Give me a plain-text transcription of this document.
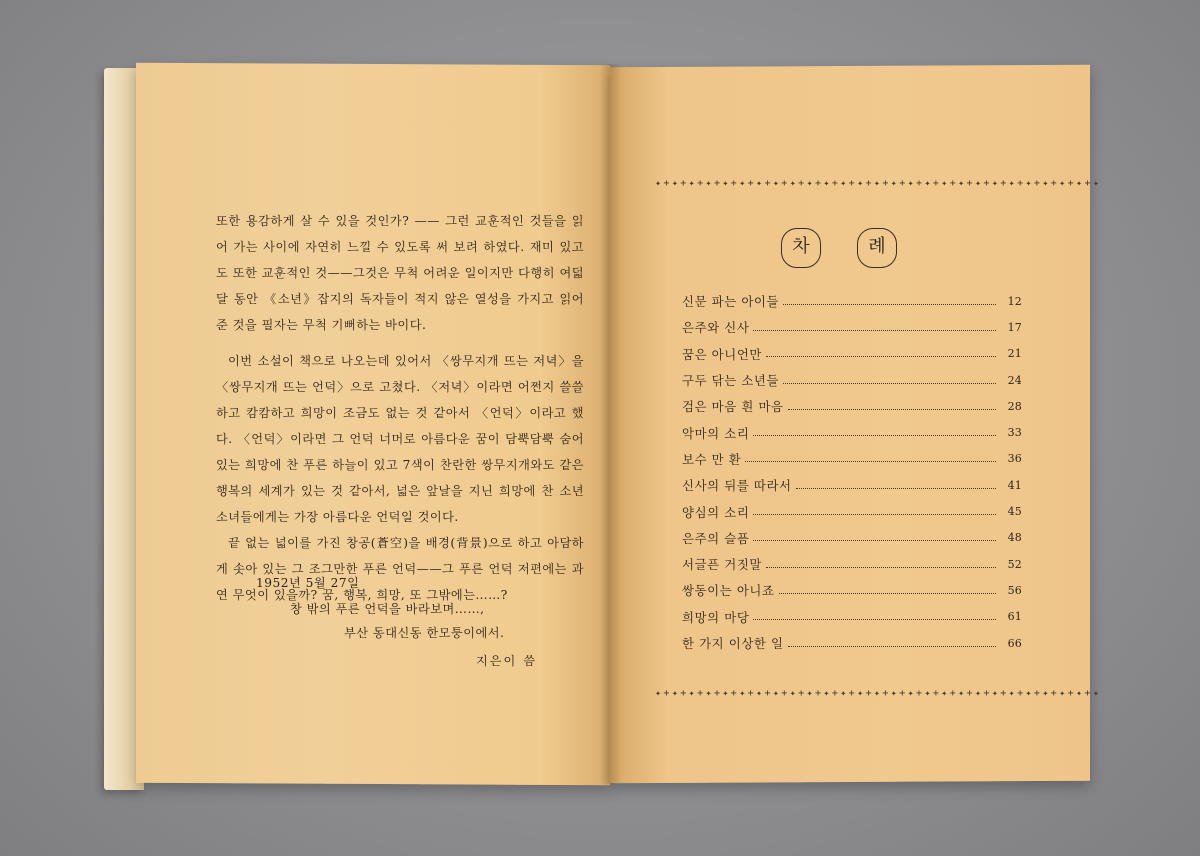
또한 용감하게 살 수 있을 것인가? —— 그런 교훈적인 것들을 읽어 가는 사이에 자연히 느낄 수 있도록 써 보려 하였다. 재미 있고도 또한 교훈적인 것——그것은 무척 어려운 일이지만 다행히 여덟 달 동안 《소년》잡지의 독자들이 적지 않은 열성을 가지고 읽어 준 것을 필자는 무척 기뻐하는 바이다.

이번 소설이 책으로 나오는데 있어서 〈쌍무지개 뜨는 저녁〉을 〈쌍무지개 뜨는 언덕〉으로 고쳤다. 〈저녁〉이라면 어쩐지 쓸쓸하고 캄캄하고 희망이 조금도 없는 것 같아서 〈언덕〉이라고 했다. 〈언덕〉이라면 그 언덕 너머로 아름다운 꿈이 담뿍담뿍 숨어 있는 희망에 찬 푸른 하늘이 있고 7색이 찬란한 쌍무지개와도 같은 행복의 세계가 있는 것 같아서, 넓은 앞날을 지닌 희망에 찬 소년 소녀들에게는 가장 아름다운 언덕일 것이다.

끝 없는 넓이를 가진 창공(蒼空)을 배경(背景)으로 하고 아담하게 솟아 있는 그 조그만한 푸른 언덕——그 푸른 언덕 저편에는 과연 무엇이 있을까? 꿈, 행복, 희망, 또 그밖에는……?

1952년 5월 27일
창 밖의 푸른 언덕을 바라보며……,
부산 동대신동 한모퉁이에서.
지은이 씀
✦+✦+✦+✦+✦+✦+✦+✦+✦+✦+✦+✦+✦+✦+✦+✦+✦+✦+✦+✦+✦+✦+✦+✦+✦+✦+✦
차	례
신문 파는 아이들	12
은주와 신사	17
꿈은 아니언만	21
구두 닦는 소년들	24
검은 마음 흰 마음	28
악마의 소리	33
보수 만 환	36
신사의 뒤를 따라서	41
양심의 소리	45
은주의 슬픔	48
서글픈 거짓말	52
쌍동이는 아니죠	56
희망의 마당	61
한 가지 이상한 일	66
✦+✦+✦+✦+✦+✦+✦+✦+✦+✦+✦+✦+✦+✦+✦+✦+✦+✦+✦+✦+✦+✦+✦+✦+✦+✦+✦
